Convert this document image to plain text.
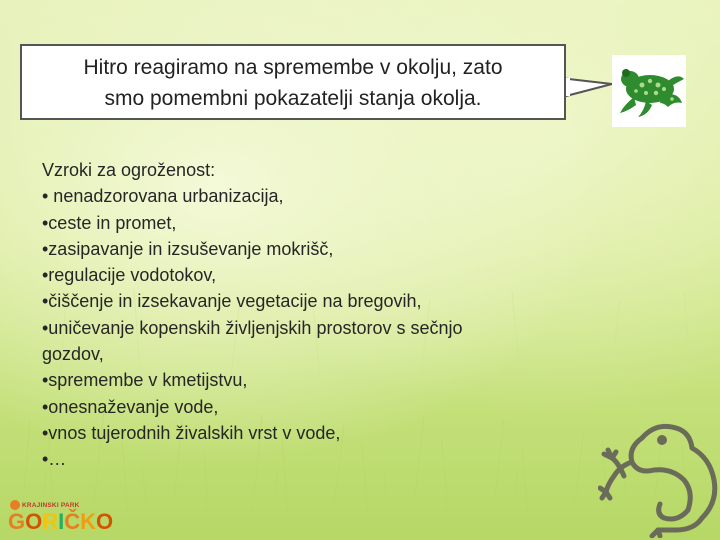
Hitro reagiramo na spremembe v okolju, zato
smo pomembni pokazatelji stanja okolja.
Vzroki za ogroženost:
• nenadzorovana urbanizacija,
•ceste in promet,
•zasipavanje in izsuševanje mokrišč,
•regulacije vodotokov,
•čiščenje in izsekavanje vegetacije na bregovih,
•uničevanje kopenskih življenjskih prostorov s sečnjo
gozdov,
•spremembe v kmetijstvu,
•onesnaževanje vode,
•vnos tujerodnih živalskih vrst v vode,
•…
KRAJINSKI PARK
GORIČKO
